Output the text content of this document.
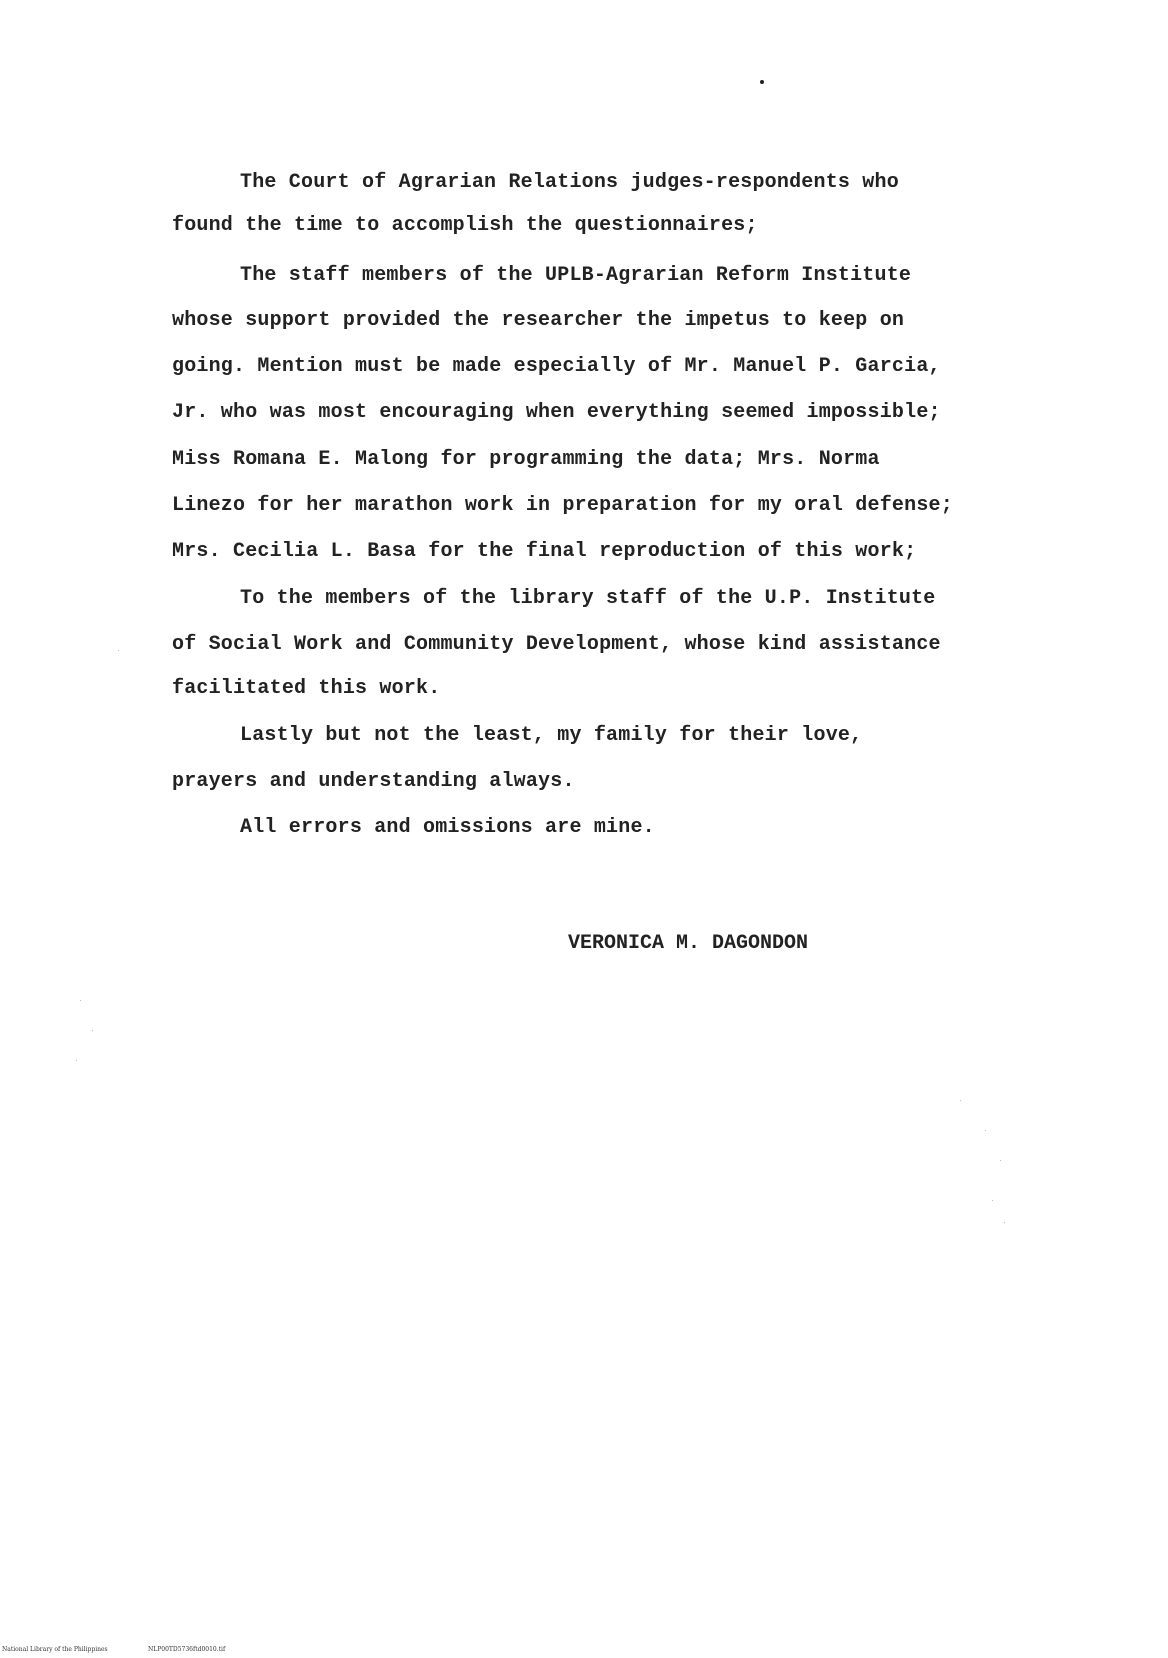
The Court of Agrarian Relations judges-respondents who
found the time to accomplish the questionnaires;
The staff members of the UPLB-Agrarian Reform Institute
whose support provided the researcher the impetus to keep on
going. Mention must be made especially of Mr. Manuel P. Garcia,
Jr. who was most encouraging when everything seemed impossible;
Miss Romana E. Malong for programming the data; Mrs. Norma
Linezo for her marathon work in preparation for my oral defense;
Mrs. Cecilia L. Basa for the final reproduction of this work;
To the members of the library staff of the U.P. Institute
of Social Work and Community Development, whose kind assistance
facilitated this work.
Lastly but not the least, my family for their love,
prayers and understanding always.
All errors and omissions are mine.
VERONICA M. DAGONDON
National Library of the Philippines	NLP00TD5736ftd0010.tif
